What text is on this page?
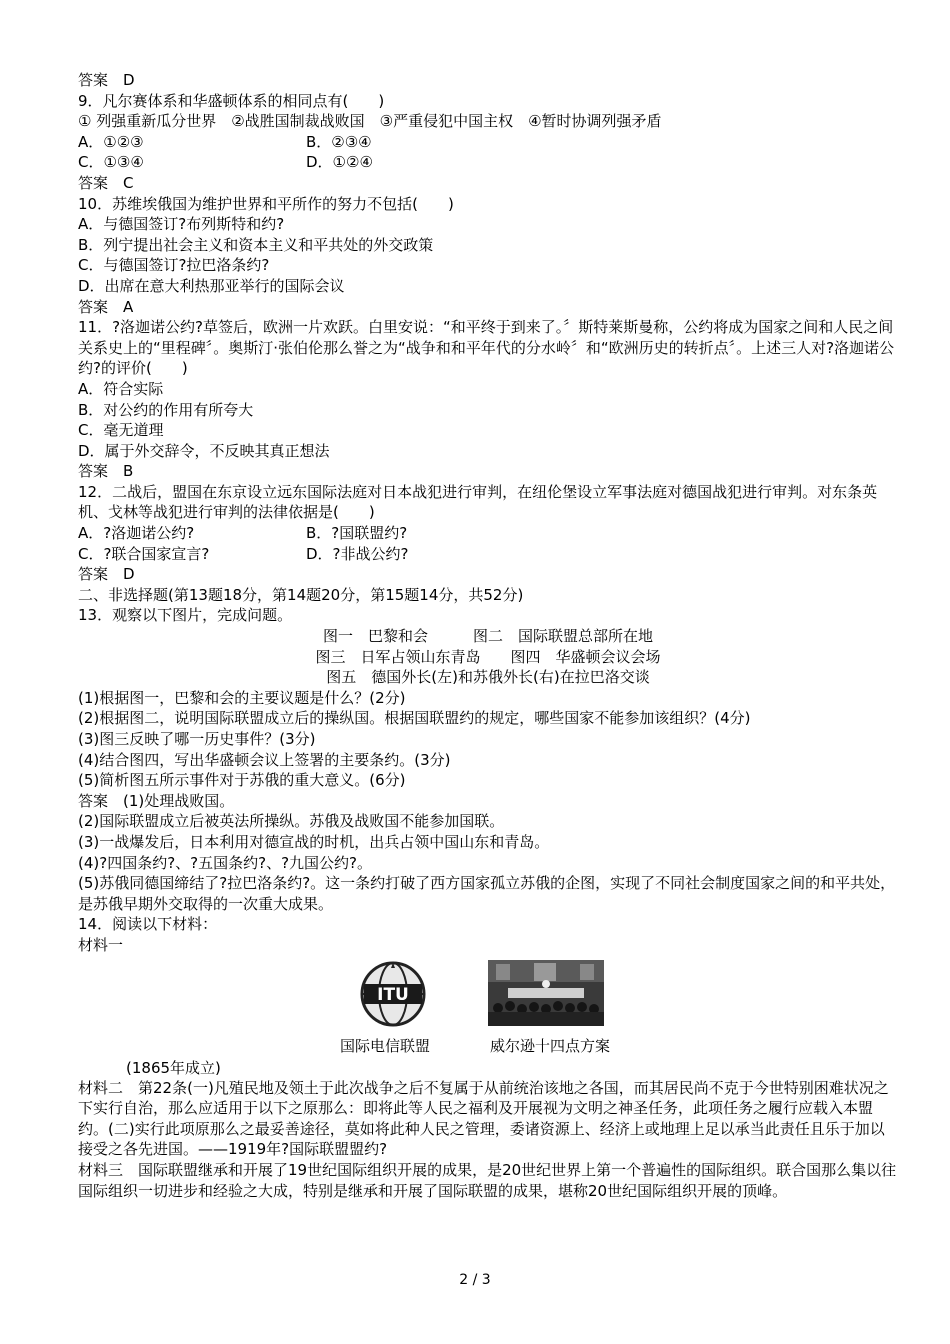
答案　D
9．凡尔赛体系和华盛顿体系的相同点有(　　)
① 列强重新瓜分世界　②战胜国制裁战败国　③严重侵犯中国主权　④暂时协调列强矛盾
A．①②③	B．②③④
C．①③④	D．①②④
答案　C
10．苏维埃俄国为维护世界和平所作的努力不包括(　　)
A．与德国签订?布列斯特和约?
B．列宁提出社会主义和资本主义和平共处的外交政策
C．与德国签订?拉巴洛条约?
D．出席在意大利热那亚举行的国际会议
答案　A
11．?洛迦诺公约?草签后，欧洲一片欢跃。白里安说：“和平终于到来了。〞斯特莱斯曼称，公约将成为国家之间和人民之间关系史上的“里程碑〞。奥斯汀·张伯伦那么誉之为“战争和和平年代的分水岭〞和“欧洲历史的转折点〞。上述三人对?洛迦诺公约?的评价(　　)
A．符合实际
B．对公约的作用有所夸大
C．毫无道理
D．属于外交辞令，不反映其真正想法
答案　B
12．二战后，盟国在东京设立远东国际法庭对日本战犯进行审判，在纽伦堡设立军事法庭对德国战犯进行审判。对东条英机、戈林等战犯进行审判的法律依据是(　　)
A．?洛迦诺公约?	B．?国联盟约?
C．?联合国家宣言?	D．?非战公约?
答案　D
二、非选择题(第13题18分，第14题20分，第15题14分，共52分)
13．观察以下图片，完成问题。
图一　巴黎和会　　　图二　国际联盟总部所在地
图三　日军占领山东青岛　　图四　华盛顿会议会场
图五　德国外长(左)和苏俄外长(右)在拉巴洛交谈
(1)根据图一，巴黎和会的主要议题是什么？(2分)
(2)根据图二，说明国际联盟成立后的操纵国。根据国联盟约的规定，哪些国家不能参加该组织？(4分)
(3)图三反映了哪一历史事件？(3分)
(4)结合图四，写出华盛顿会议上签署的主要条约。(3分)
(5)简析图五所示事件对于苏俄的重大意义。(6分)
答案　(1)处理战败国。
(2)国际联盟成立后被英法所操纵。苏俄及战败国不能参加国联。
(3)一战爆发后，日本利用对德宣战的时机，出兵占领中国山东和青岛。
(4)?四国条约?、?五国条约?、?九国公约?。
(5)苏俄同德国缔结了?拉巴洛条约?。这一条约打破了西方国家孤立苏俄的企图，实现了不同社会制度国家之间的和平共处，是苏俄早期外交取得的一次重大成果。
14．阅读以下材料：
材料一
ITU
国际电信联盟	威尔逊十四点方案
(1865年成立)
材料二　第22条(一)凡殖民地及领土于此次战争之后不复属于从前统治该地之各国，而其居民尚不克于今世特别困难状况之下实行自治，那么应适用于以下之原那么：即将此等人民之福利及开展视为文明之神圣任务，此项任务之履行应载入本盟约。(二)实行此项原那么之最妥善途径，莫如将此种人民之管理，委诸资源上、经济上或地理上足以承当此责任且乐于加以接受之各先进国。——1919年?国际联盟盟约?
材料三　国际联盟继承和开展了19世纪国际组织开展的成果，是20世纪世界上第一个普遍性的国际组织。联合国那么集以往国际组织一切进步和经验之大成，特别是继承和开展了国际联盟的成果，堪称20世纪国际组织开展的顶峰。
2 / 3
